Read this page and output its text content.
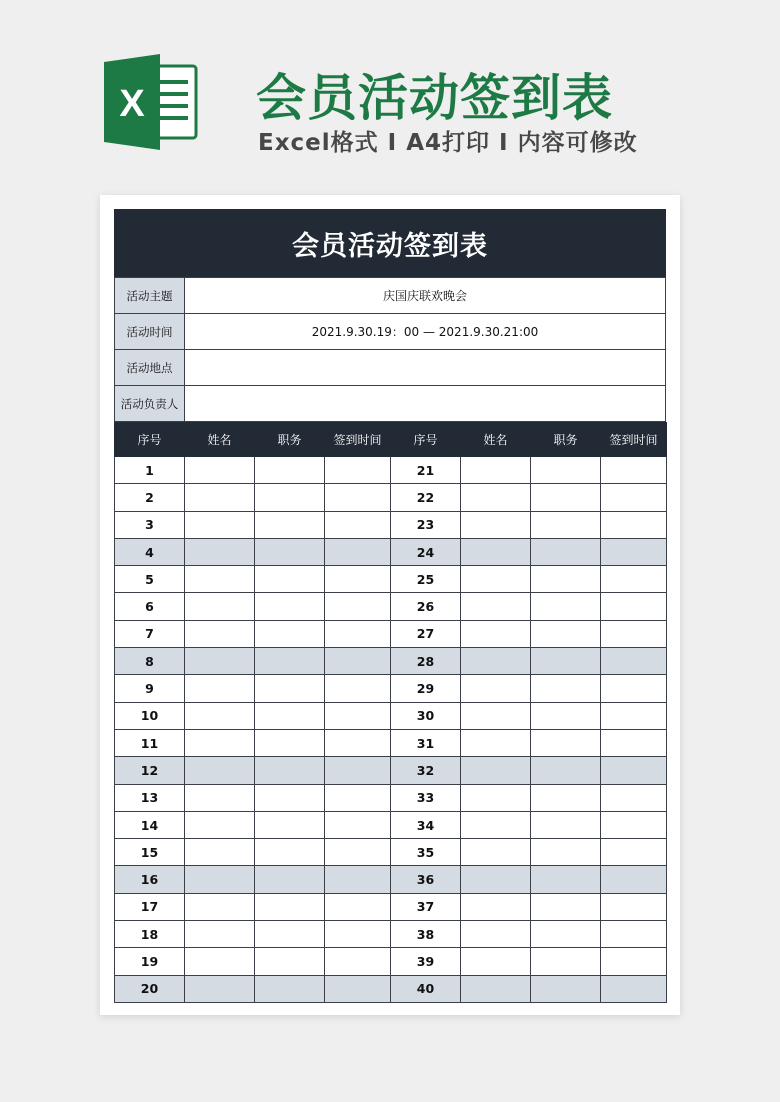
X 会员活动签到表
Excel格式 Ⅰ A4打印 Ⅰ 内容可修改
会员活动签到表
活动主题	庆国庆联欢晚会
活动时间	2021.9.30.19：00 — 2021.9.30.21:00
活动地点	
活动负责人	
序号	姓名	职务	签到时间	序号	姓名	职务	签到时间
1				21			
2				22			
3				23			
4				24			
5				25			
6				26			
7				27			
8				28			
9				29			
10				30			
11				31			
12				32			
13				33			
14				34			
15				35			
16				36			
17				37			
18				38			
19				39			
20				40			
